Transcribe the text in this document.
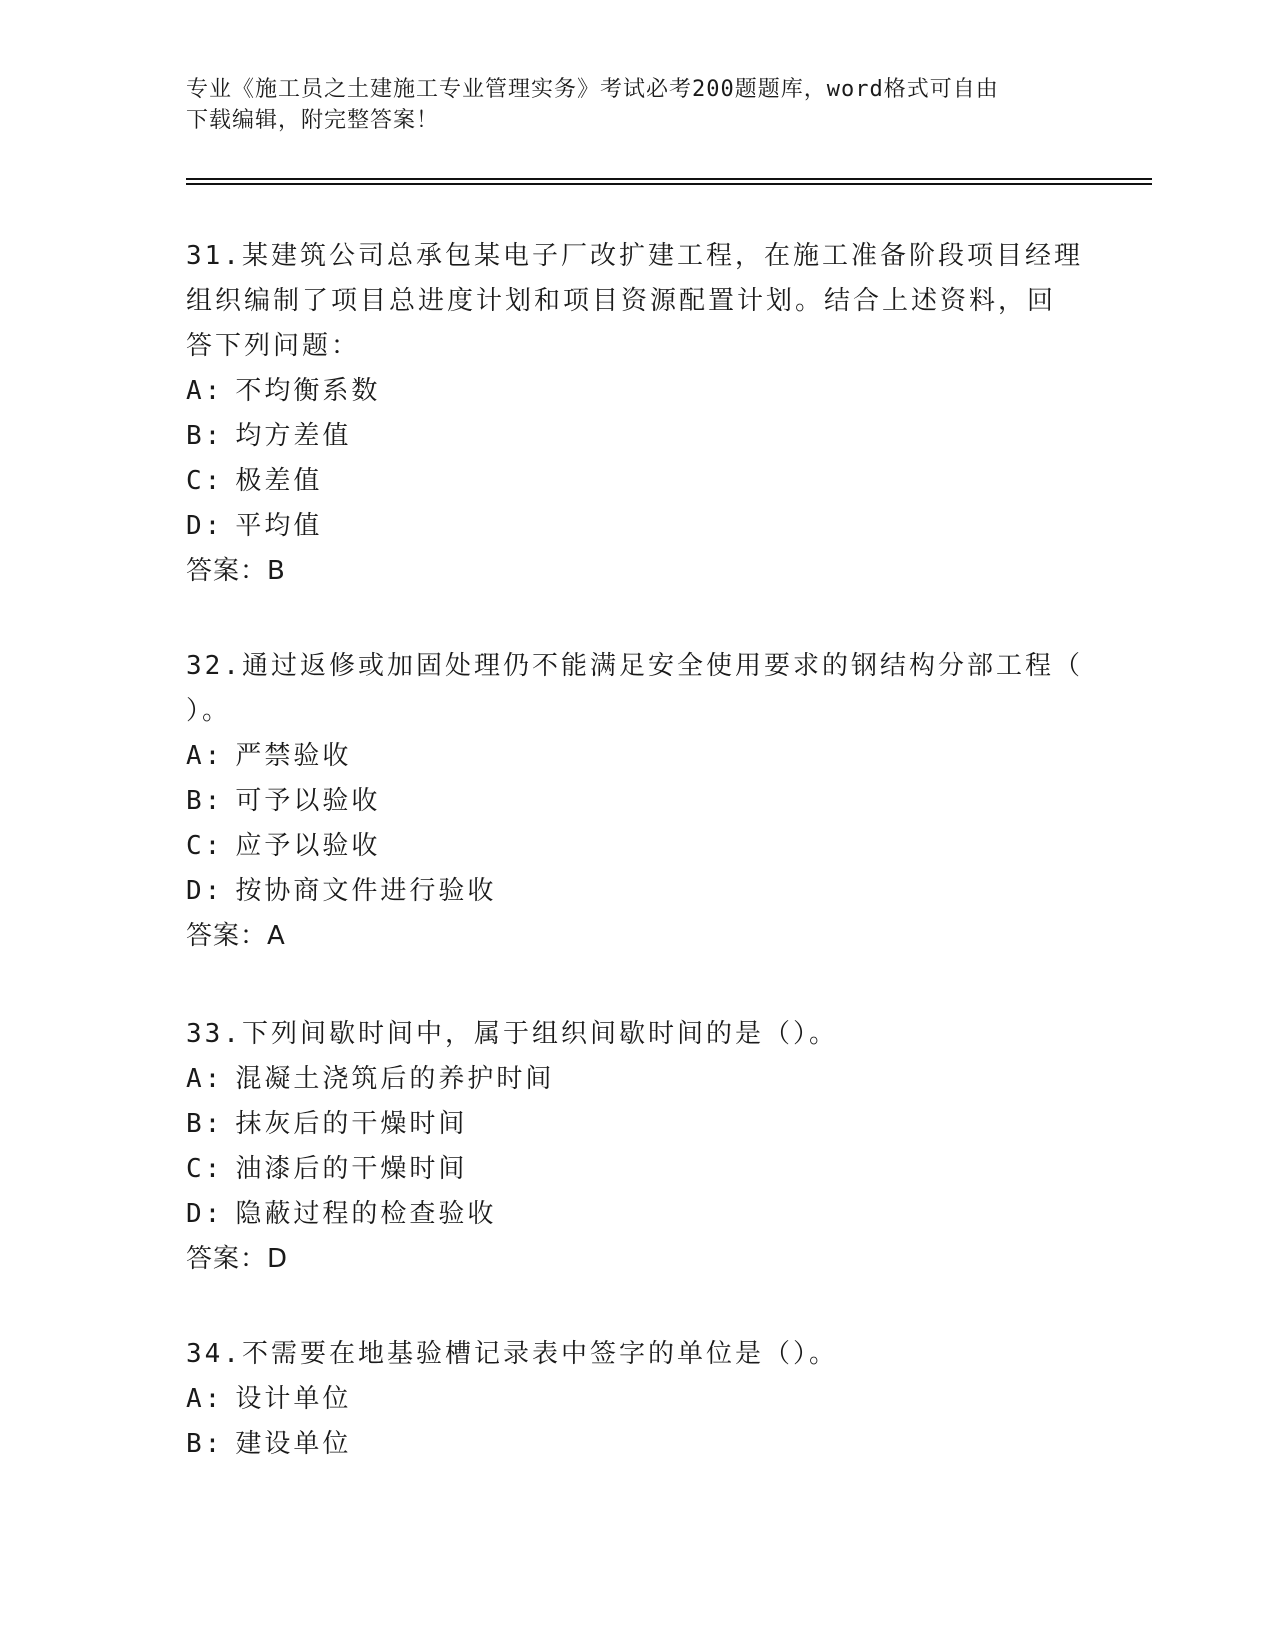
专业《施工员之土建施工专业管理实务》考试必考200题题库，word格式可自由
下载编辑，附完整答案！

31.某建筑公司总承包某电子厂改扩建工程，在施工准备阶段项目经理

组织编制了项目总进度计划和项目资源配置计划。结合上述资料，回

答下列问题：

A: 不均衡系数

B: 均方差值

C: 极差值

D: 平均值

答案：B

32.通过返修或加固处理仍不能满足安全使用要求的钢结构分部工程（

）。

A: 严禁验收

B: 可予以验收

C: 应予以验收

D: 按协商文件进行验收

答案：A

33.下列间歇时间中，属于组织间歇时间的是（）。

A: 混凝土浇筑后的养护时间

B: 抹灰后的干燥时间

C: 油漆后的干燥时间

D: 隐蔽过程的检查验收

答案：D

34.不需要在地基验槽记录表中签字的单位是（）。

A: 设计单位

B: 建设单位
